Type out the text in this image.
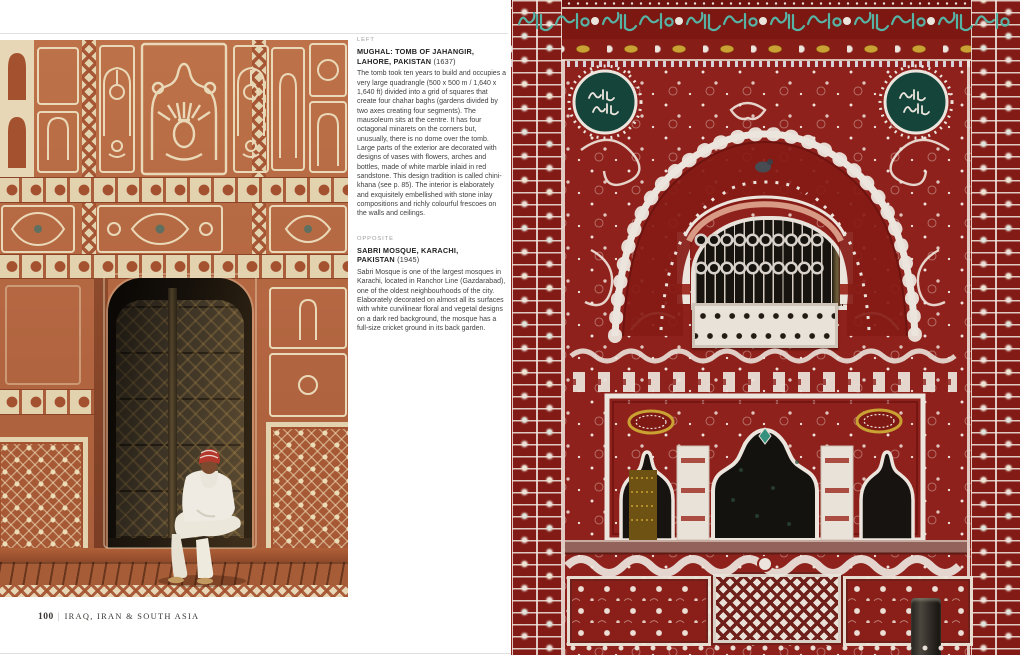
LEFT

MUGHAL: TOMB OF JAHANGIR,
LAHORE, PAKISTAN (1637)

The tomb took ten years to build and occupies a very large quadrangle (500 x 500 m / 1,640 x 1,640 ft) divided into a grid of squares that create four chahar baghs (gardens divided by two axes creating four segments). The mausoleum sits at the centre. It has four octagonal minarets on the corners but, unusually, there is no dome over the tomb. Large parts of the exterior are decorated with designs of vases with flowers, arches and bottles, made of white marble inlaid in red sandstone. This design tradition is called chini-khana (see p. 85). The interior is elaborately and exquisitely embellished with stone inlay compositions and richly colourful frescoes on the walls and ceilings.

OPPOSITE

SABRI MOSQUE, KARACHI,
PAKISTAN (1945)

Sabri Mosque is one of the largest mosques in Karachi, located in Ranchor Line (Gazdarabad), one of the oldest neighbourhoods of the city. Elaborately decorated on almost all its surfaces with white curvilinear floral and vegetal designs on a dark red background, the mosque has a full-size cricket ground in its back garden.

100 | IRAQ, IRAN & SOUTH ASIA
